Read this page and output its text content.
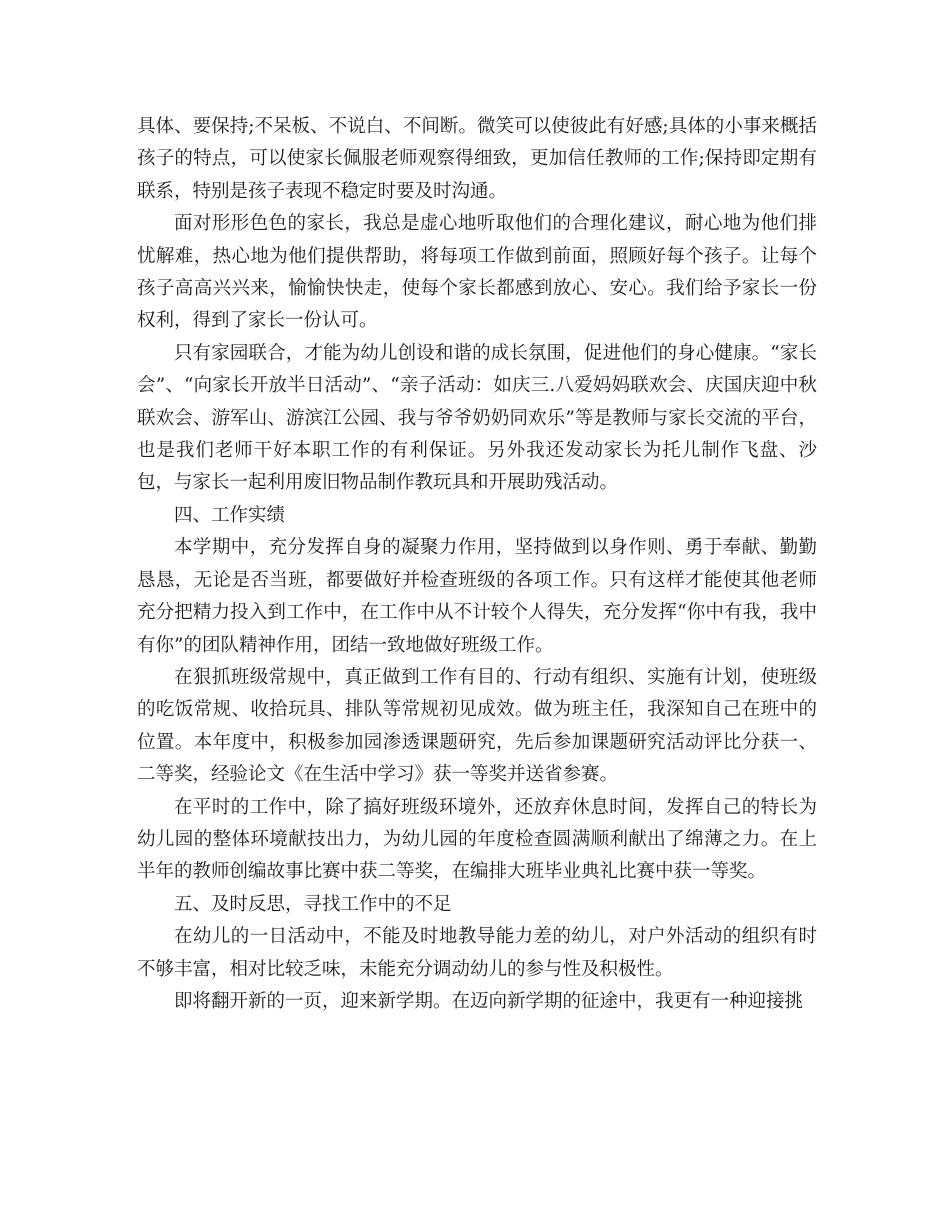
具体、要保持;不呆板、不说白、不间断。微笑可以使彼此有好感;具体的小事来概括孩子的特点，可以使家长佩服老师观察得细致，更加信任教师的工作;保持即定期有联系，特别是孩子表现不稳定时要及时沟通。

面对形形色色的家长，我总是虚心地听取他们的合理化建议，耐心地为他们排忧解难，热心地为他们提供帮助，将每项工作做到前面，照顾好每个孩子。让每个孩子高高兴兴来，愉愉快快走，使每个家长都感到放心、安心。我们给予家长一份权利，得到了家长一份认可。

只有家园联合，才能为幼儿创设和谐的成长氛围，促进他们的身心健康。“家长会”、“向家长开放半日活动”、“亲子活动：如庆三.八爱妈妈联欢会、庆国庆迎中秋联欢会、游军山、游滨江公园、我与爷爷奶奶同欢乐”等是教师与家长交流的平台，也是我们老师干好本职工作的有利保证。另外我还发动家长为托儿制作飞盘、沙包，与家长一起利用废旧物品制作教玩具和开展助残活动。

四、工作实绩

本学期中，充分发挥自身的凝聚力作用，坚持做到以身作则、勇于奉献、勤勤恳恳，无论是否当班，都要做好并检查班级的各项工作。只有这样才能使其他老师充分把精力投入到工作中，在工作中从不计较个人得失，充分发挥“你中有我，我中有你”的团队精神作用，团结一致地做好班级工作。

在狠抓班级常规中，真正做到工作有目的、行动有组织、实施有计划，使班级的吃饭常规、收拾玩具、排队等常规初见成效。做为班主任，我深知自己在班中的位置。本年度中，积极参加园渗透课题研究，先后参加课题研究活动评比分获一、二等奖，经验论文《在生活中学习》获一等奖并送省参赛。

在平时的工作中，除了搞好班级环境外，还放弃休息时间，发挥自己的特长为幼儿园的整体环境献技出力，为幼儿园的年度检查圆满顺利献出了绵薄之力。在上半年的教师创编故事比赛中获二等奖，在编排大班毕业典礼比赛中获一等奖。

五、及时反思，寻找工作中的不足

在幼儿的一日活动中，不能及时地教导能力差的幼儿，对户外活动的组织有时不够丰富，相对比较乏味，未能充分调动幼儿的参与性及积极性。

即将翻开新的一页，迎来新学期。在迈向新学期的征途中，我更有一种迎接挑
